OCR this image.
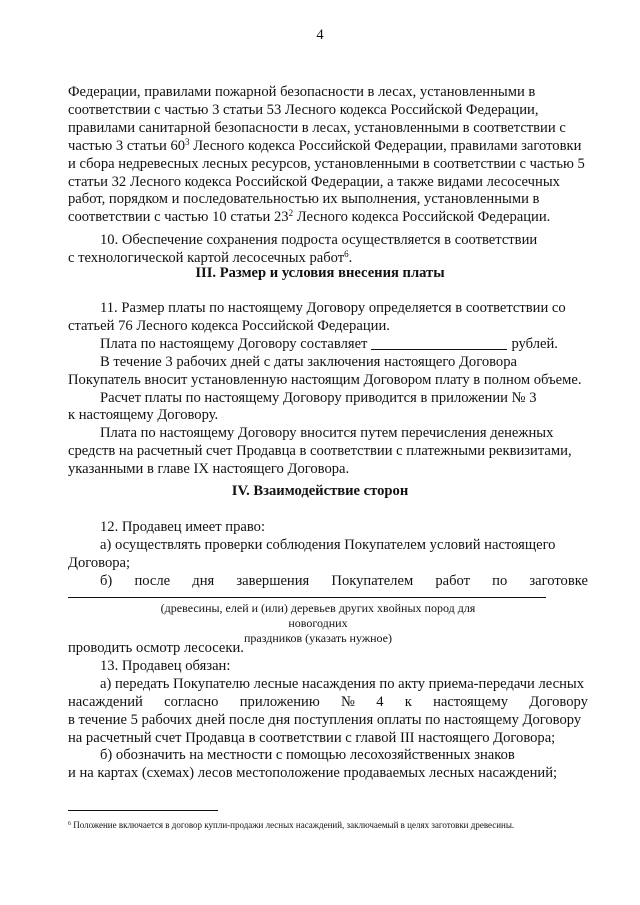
4

Федерации, правилами пожарной безопасности в лесах, установленными в

соответствии с частью 3 статьи 53 Лесного кодекса Российской Федерации,

правилами санитарной безопасности в лесах, установленными в соответствии с

частью 3 статьи $60^3$ Лесного кодекса Российской Федерации, правилами заготовки

и сбора недревесных лесных ресурсов, установленными в соответствии с частью 5

статьи 32 Лесного кодекса Российской Федерации, а также видами лесосечных

работ, порядком и последовательностью их выполнения, установленными в

соответствии с частью 10 статьи $23^2$ Лесного кодекса Российской Федерации.

10. Обеспечение сохранения подроста осуществляется в соответствии

с технологической картой лесосечных работ$^6$.

III. Размер и условия внесения платы

11. Размер платы по настоящему Договору определяется в соответствии со

статьей 76 Лесного кодекса Российской Федерации.

Плата по настоящему Договору составляет	рублей.

В течение 3 рабочих дней с даты заключения настоящего Договора

Покупатель вносит установленную настоящим Договором плату в полном объеме.

Расчет платы по настоящему Договору приводится в приложении № 3

к настоящему Договору.

Плата по настоящему Договору вносится путем перечисления денежных

средств на расчетный счет Продавца в соответствии с платежными реквизитами,

указанными в главе IX настоящего Договора.

IV. Взаимодействие сторон

12. Продавец имеет право:

а) осуществлять проверки соблюдения Покупателем условий настоящего

Договора;

б) после дня завершения Покупателем работ по заготовке
(древесины, елей и (или) деревьев других хвойных пород для новогодних
праздников (указать нужное)

проводить осмотр лесосеки.

13. Продавец обязан:

а) передать Покупателю лесные насаждения по акту приема-передачи лесных

насаждений согласно приложению № 4 к настоящему Договору

в течение 5 рабочих дней после дня поступления оплаты по настоящему Договору

на расчетный счет Продавца в соответствии с главой III настоящего Договора;

б) обозначить на местности с помощью лесохозяйственных знаков

и на картах (схемах) лесов местоположение продаваемых лесных насаждений;

$^6$ Положение включается в договор купли-продажи лесных насаждений, заключаемый в целях заготовки древесины.
